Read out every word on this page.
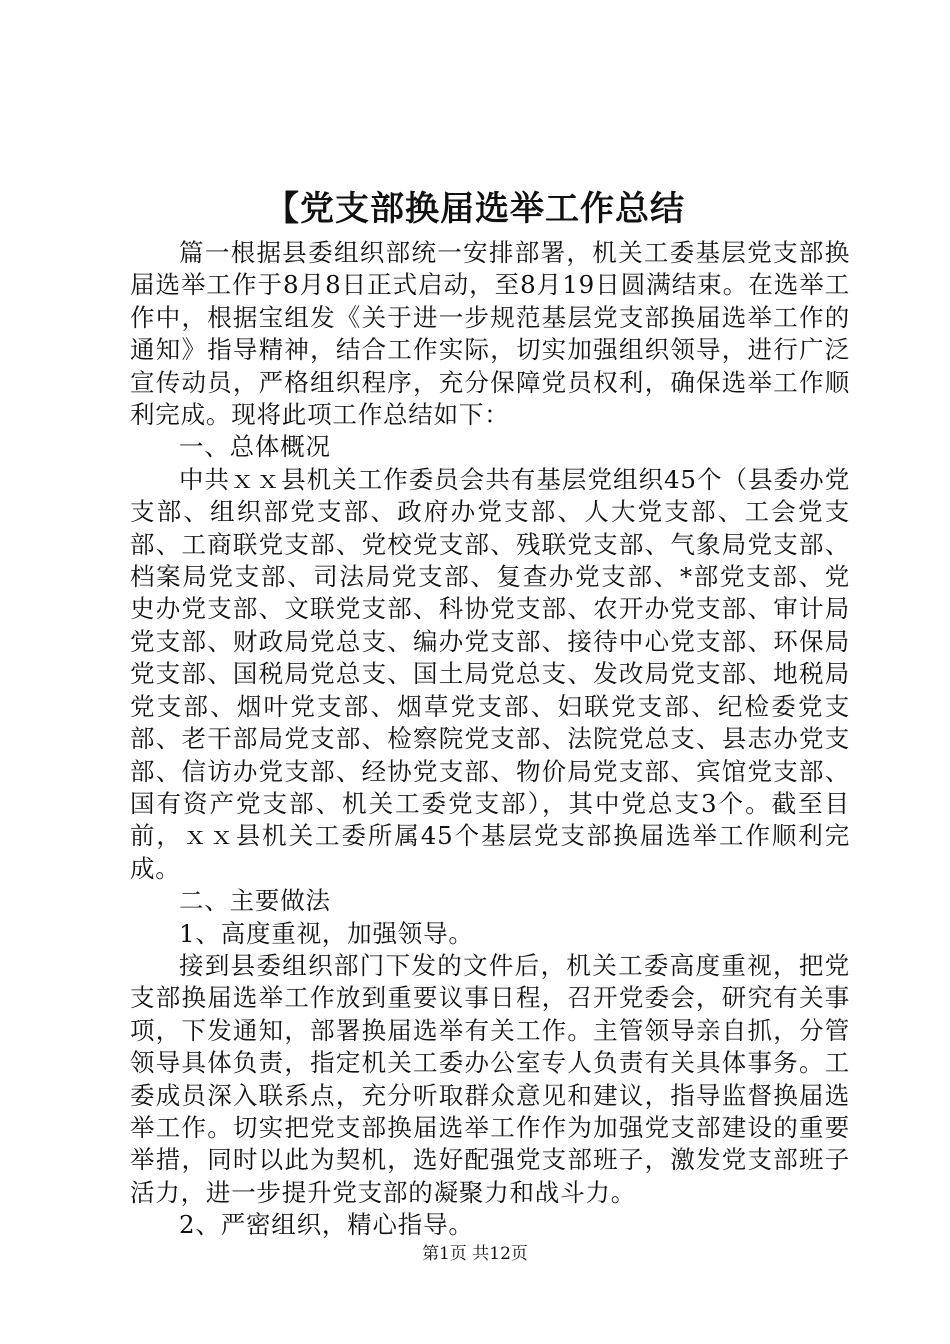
【党支部换届选举工作总结

篇一根据县委组织部统一安排部署，机关工委基层党支部换届选举工作于8月8日正式启动，至8月19日圆满结束。在选举工作中，根据宝组发《关于进一步规范基层党支部换届选举工作的通知》指导精神，结合工作实际，切实加强组织领导，进行广泛宣传动员，严格组织程序，充分保障党员权利，确保选举工作顺利完成。现将此项工作总结如下：

一、总体概况

中共ｘｘ县机关工作委员会共有基层党组织45个（县委办党支部、组织部党支部、政府办党支部、人大党支部、工会党支部、工商联党支部、党校党支部、残联党支部、气象局党支部、档案局党支部、司法局党支部、复查办党支部、*部党支部、党史办党支部、文联党支部、科协党支部、农开办党支部、审计局党支部、财政局党总支、编办党支部、接待中心党支部、环保局党支部、国税局党总支、国土局党总支、发改局党支部、地税局党支部、烟叶党支部、烟草党支部、妇联党支部、纪检委党支部、老干部局党支部、检察院党支部、法院党总支、县志办党支部、信访办党支部、经协党支部、物价局党支部、宾馆党支部、国有资产党支部、机关工委党支部），其中党总支3个。截至目前，ｘｘ县机关工委所属45个基层党支部换届选举工作顺利完成。

二、主要做法

1、高度重视，加强领导。

接到县委组织部门下发的文件后，机关工委高度重视，把党支部换届选举工作放到重要议事日程，召开党委会，研究有关事项，下发通知，部署换届选举有关工作。主管领导亲自抓，分管领导具体负责，指定机关工委办公室专人负责有关具体事务。工委成员深入联系点，充分听取群众意见和建议，指导监督换届选举工作。切实把党支部换届选举工作作为加强党支部建设的重要举措，同时以此为契机，选好配强党支部班子，激发党支部班子活力，进一步提升党支部的凝聚力和战斗力。

2、严密组织，精心指导。

第1页 共12页
